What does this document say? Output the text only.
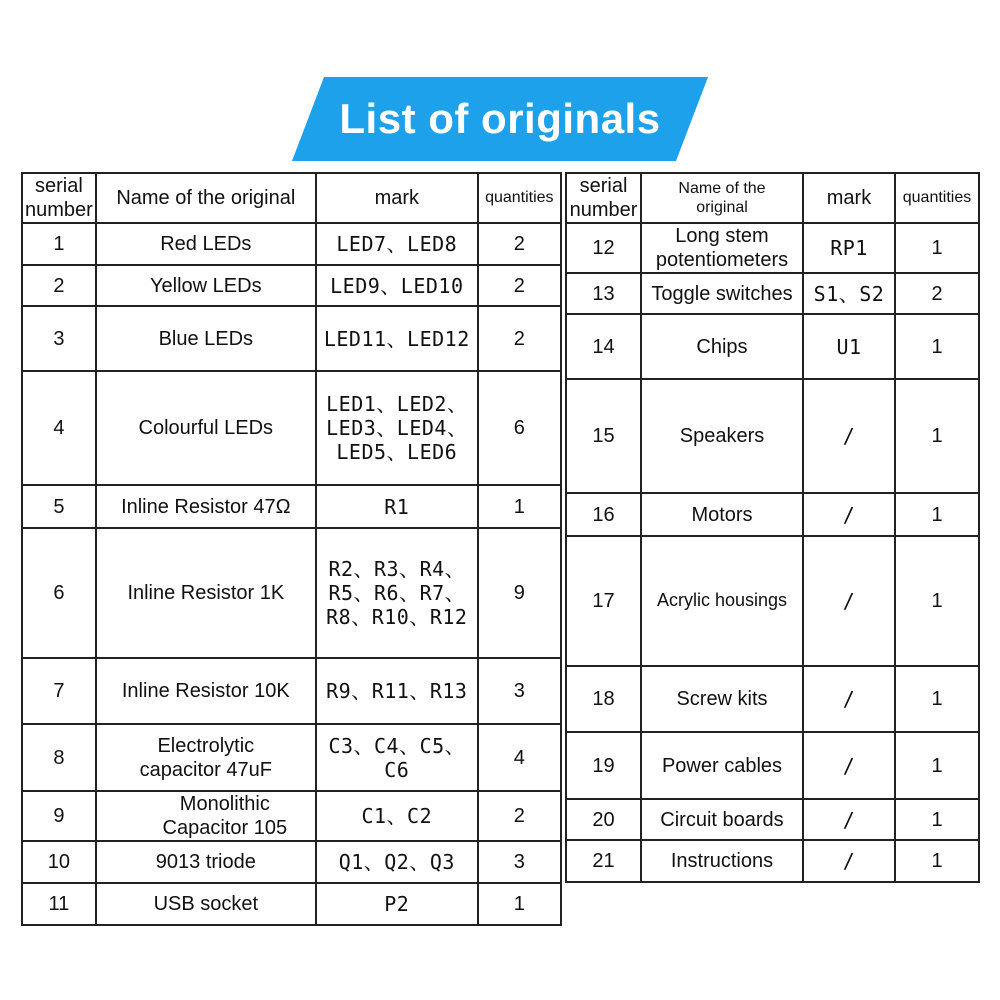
List of originals
serial
number	Name of the original	mark	quantities
1	Red LEDs	LED7、LED8	2
2	Yellow LEDs	LED9、LED10	2
3	Blue LEDs	LED11、LED12	2
4	Colourful LEDs	LED1、LED2、
LED3、LED4、
LED5、LED6	6
5	Inline Resistor 47Ω	R1	1
6	Inline Resistor 1K	R2、R3、R4、
R5、R6、R7、
R8、R10、R12	9
7	Inline Resistor 10K	R9、R11、R13	3
8	Electrolytic
capacitor 47uF	C3、C4、C5、
C6	4
9	Monolithic
Capacitor 105	C1、C2	2
10	9013 triode	Q1、Q2、Q3	3
11	USB socket	P2	1
serial
number	Name of the
original	mark	quantities
12	Long stem
potentiometers	RP1	1
13	Toggle switches	S1、S2	2
14	Chips	U1	1
15	Speakers	/	1
16	Motors	/	1
17	Acrylic housings	/	1
18	Screw kits	/	1
19	Power cables	/	1
20	Circuit boards	/	1
21	Instructions	/	1
